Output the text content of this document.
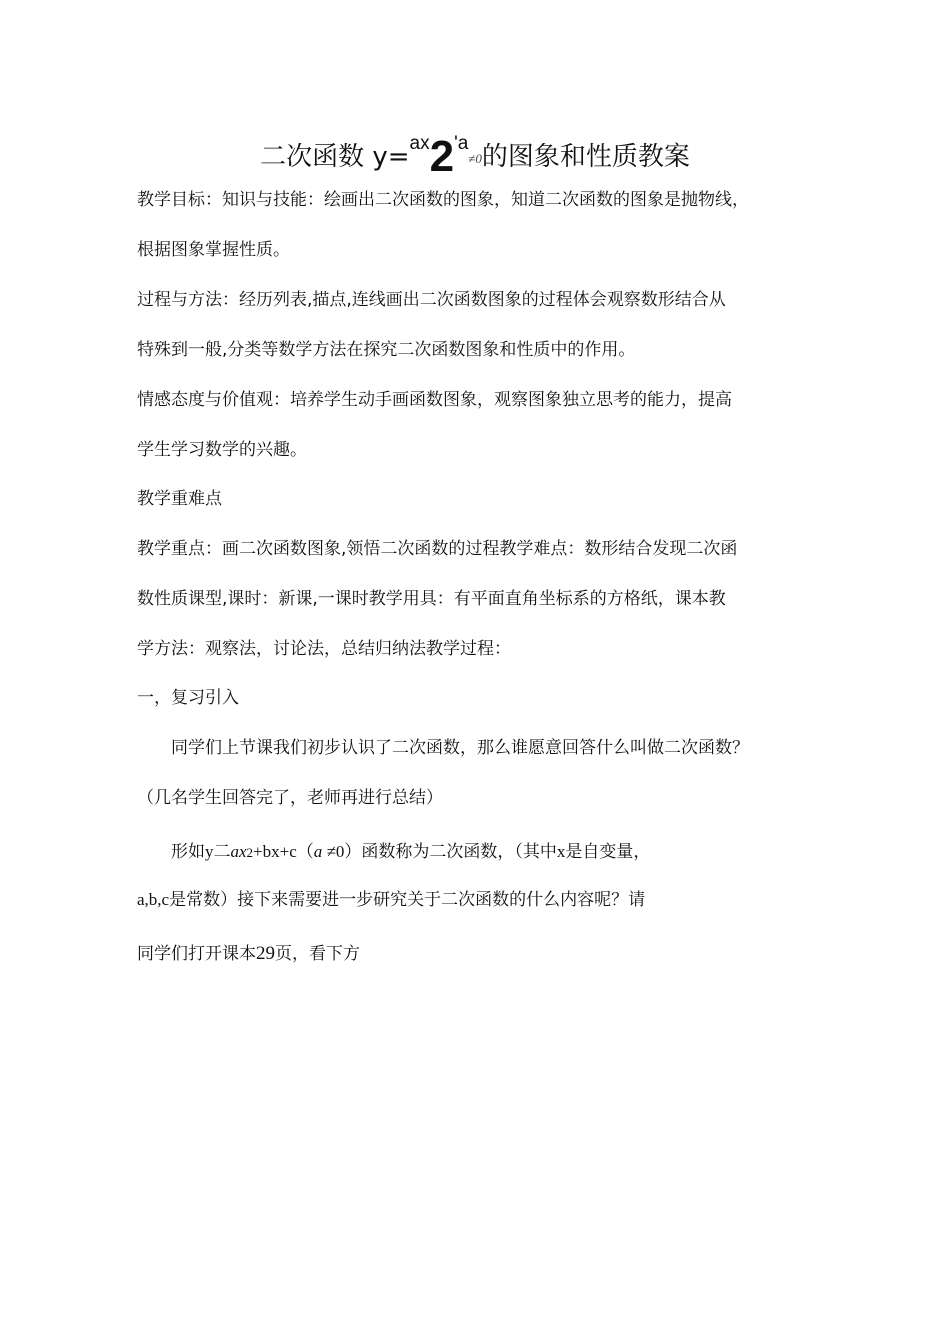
二次函数 $y=^{ax}2^{'a}\ne 0$的图象和性质教案
教学目标：知识与技能：绘画出二次函数的图象，知道二次函数的图象是抛物线，
根据图象掌握性质。
过程与方法：经历列表,描点,连线画出二次函数图象的过程体会观察数形结合从
特殊到一般,分类等数学方法在探究二次函数图象和性质中的作用。
情感态度与价值观：培养学生动手画函数图象，观察图象独立思考的能力，提高
学生学习数学的兴趣。
教学重难点
教学重点：画二次函数图象,领悟二次函数的过程教学难点：数形结合发现二次函
数性质课型,课时：新课,一课时教学用具：有平面直角坐标系的方格纸，课本教
学方法：观察法，讨论法，总结归纳法教学过程：
一，复习引入
同学们上节课我们初步认识了二次函数，那么谁愿意回答什么叫做二次函数？
（几名学生回答完了，老师再进行总结）
形如y二ax2+bx+c（a ≠0）函数称为二次函数，（其中x是自变量，
a,b,c是常数）接下来需要进一步研究关于二次函数的什么内容呢？请
同学们打开课本29页，看下方
